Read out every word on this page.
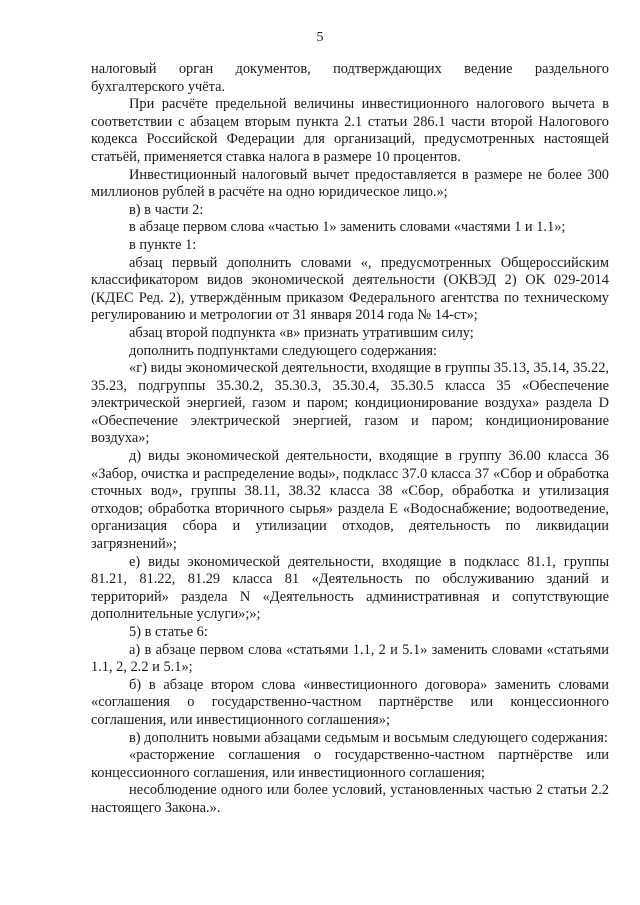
5

налоговый орган документов, подтверждающих ведение раздельного бухгалтерского учёта.

При расчёте предельной величины инвестиционного налогового вычета в соответствии с абзацем вторым пункта 2.1 статьи 286.1 части второй Налогового кодекса Российской Федерации для организаций, предусмотренных настоящей статьёй, применяется ставка налога в размере 10 процентов.

Инвестиционный налоговый вычет предоставляется в размере не более 300 миллионов рублей в расчёте на одно юридическое лицо.»;

в) в части 2:

в абзаце первом слова «частью 1» заменить словами «частями 1 и 1.1»;

в пункте 1:

абзац первый дополнить словами «, предусмотренных Общероссийским классификатором видов экономической деятельности (ОКВЭД 2) ОК 029-2014 (КДЕС Ред. 2), утверждённым приказом Федерального агентства по техническому регулированию и метрологии от 31 января 2014 года № 14-ст»;

абзац второй подпункта «в» признать утратившим силу;

дополнить подпунктами следующего содержания:

«г) виды экономической деятельности, входящие в группы 35.13, 35.14, 35.22, 35.23, подгруппы 35.30.2, 35.30.3, 35.30.4, 35.30.5 класса 35 «Обеспечение электрической энергией, газом и паром; кондиционирование воздуха» раздела D «Обеспечение электрической энергией, газом и паром; кондиционирование воздуха»;

д) виды экономической деятельности, входящие в группу 36.00 класса 36 «Забор, очистка и распределение воды», подкласс 37.0 класса 37 «Сбор и обработка сточных вод», группы 38.11, 38.32 класса 38 «Сбор, обработка и утилизация отходов; обработка вторичного сырья» раздела Е «Водоснабжение; водоотведение, организация сбора и утилизации отходов, деятельность по ликвидации загрязнений»;

е) виды экономической деятельности, входящие в подкласс 81.1, группы 81.21, 81.22, 81.29 класса 81 «Деятельность по обслуживанию зданий и территорий» раздела N «Деятельность административная и сопутствующие дополнительные услуги»;»;

5) в статье 6:

а) в абзаце первом слова «статьями 1.1, 2 и 5.1» заменить словами «статьями 1.1, 2, 2.2 и 5.1»;

б) в абзаце втором слова «инвестиционного договора» заменить словами «соглашения о государственно-частном партнёрстве или концессионного соглашения, или инвестиционного соглашения»;

в) дополнить новыми абзацами седьмым и восьмым следующего содержания:

«расторжение соглашения о государственно-частном партнёрстве или концессионного соглашения, или инвестиционного соглашения;

несоблюдение одного или более условий, установленных частью 2 статьи 2.2 настоящего Закона.».
